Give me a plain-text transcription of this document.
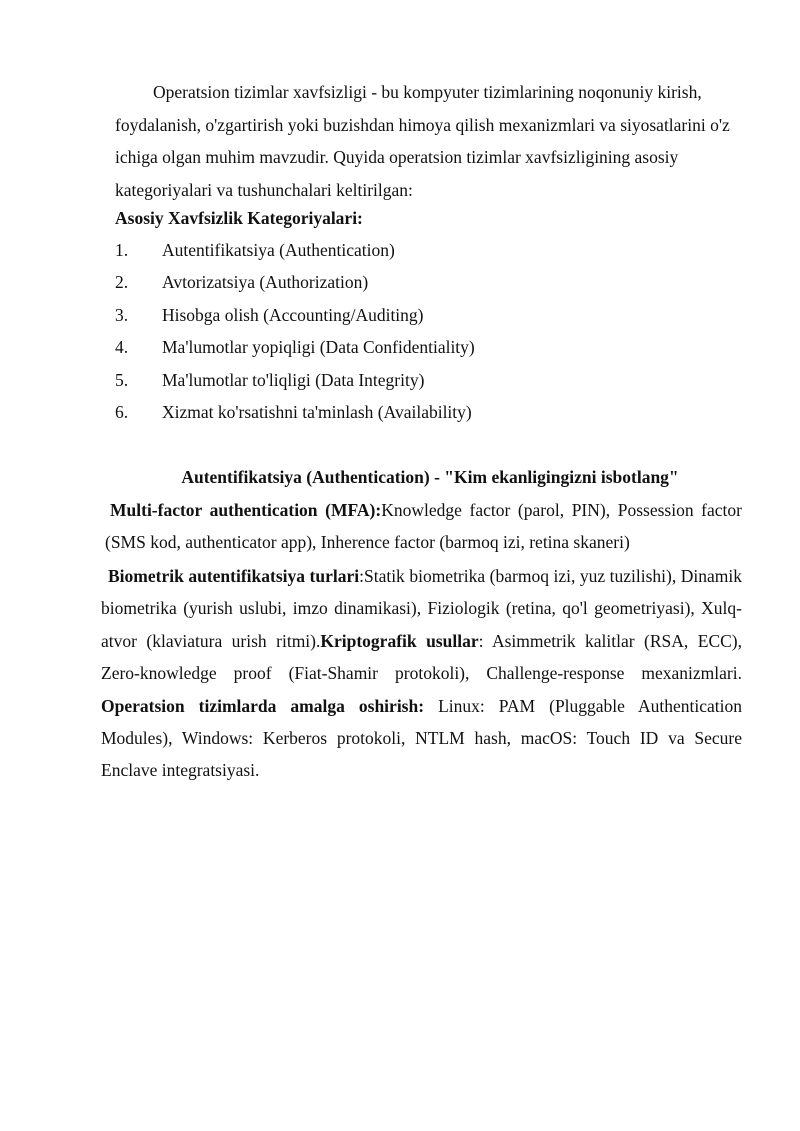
Operatsion tizimlar xavfsizligi - bu kompyuter tizimlarining noqonuniy kirish, foydalanish, o'zgartirish yoki buzishdan himoya qilish mexanizmlari va siyosatlarini o'z ichiga olgan muhim mavzudir. Quyida operatsion tizimlar xavfsizligining asosiy kategoriyalari va tushunchalari keltirilgan:

Asosiy Xavfsizlik Kategoriyalari:

1. Autentifikatsiya (Authentication)
2. Avtorizatsiya (Authorization)
3. Hisobga olish (Accounting/Auditing)
4. Ma'lumotlar yopiqligi (Data Confidentiality)
5. Ma'lumotlar to'liqligi (Data Integrity)
6. Xizmat ko'rsatishni ta'minlash (Availability)

Autentifikatsiya (Authentication) - "Kim ekanligingizni isbotlang"

Multi-factor authentication (MFA):Knowledge factor (parol, PIN), Possession factor (SMS kod, authenticator app), Inherence factor (barmoq izi, retina skaneri)

Biometrik autentifikatsiya turlari:Statik biometrika (barmoq izi, yuz tuzilishi), Dinamik biometrika (yurish uslubi, imzo dinamikasi), Fiziologik (retina, qo'l geometriyasi), Xulq-atvor (klaviatura urish ritmi).Kriptografik usullar: Asimmetrik kalitlar (RSA, ECC), Zero-knowledge proof (Fiat-Shamir protokoli), Challenge-response mexanizmlari. Operatsion tizimlarda amalga oshirish: Linux: PAM (Pluggable Authentication Modules), Windows: Kerberos protokoli, NTLM hash, macOS: Touch ID va Secure Enclave integratsiyasi.
